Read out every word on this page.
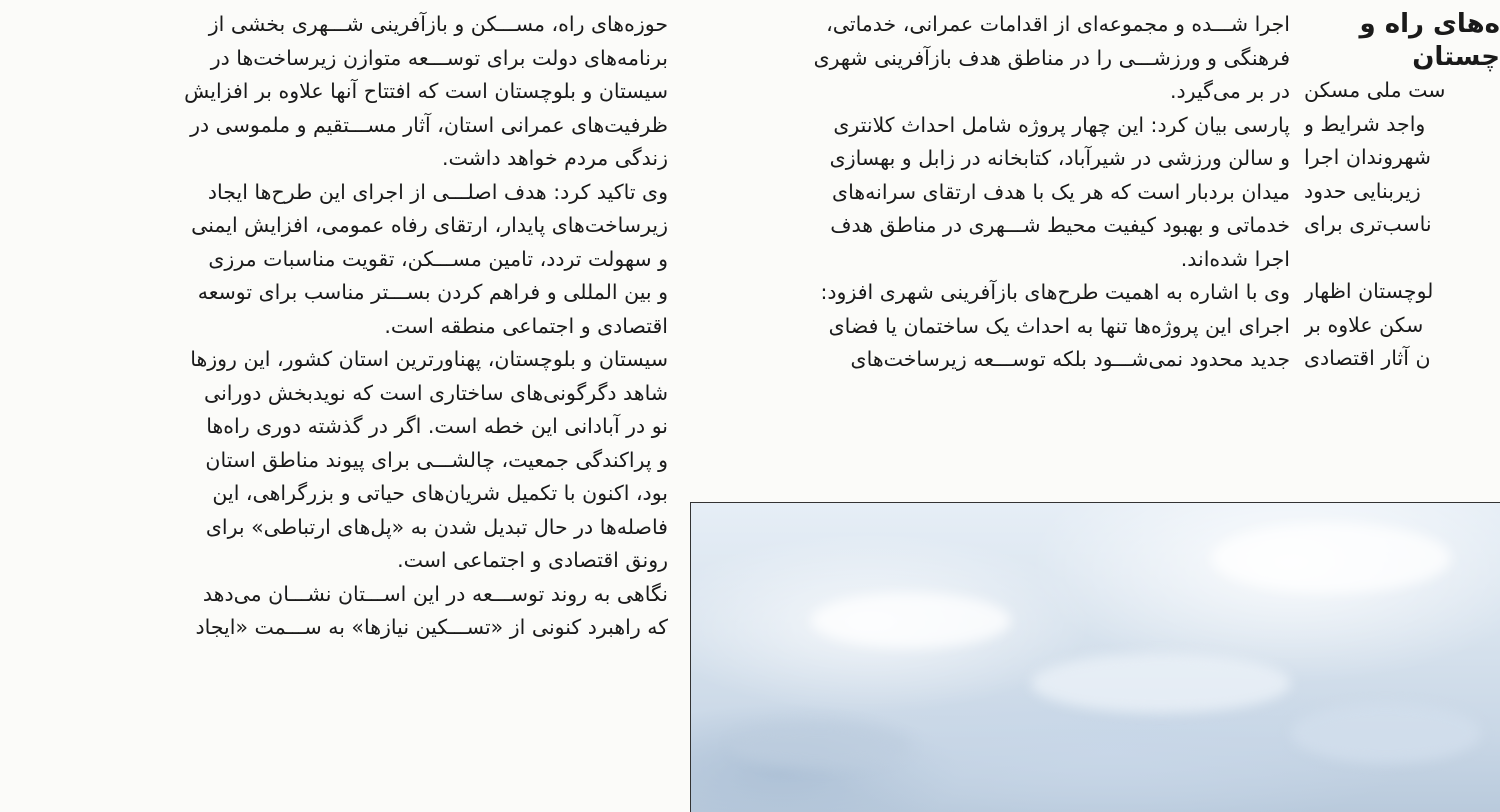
حوزه‌های راه، مســـکن و بازآفرینی شـــهری بخشی از
برنامه‌های دولت برای توســـعه متوازن زیرساخت‌ها در
سیستان و بلوچستان است که افتتاح آنها علاوه بر افزایش
ظرفیت‌های عمرانی استان، آثار مســـتقیم و ملموسی در
زندگی مردم خواهد داشت.
وی تاکید کرد: هدف اصلـــی از اجرای این طرح‌ها ایجاد
زیرساخت‌های پایدار، ارتقای رفاه عمومی، افزایش ایمنی
و سهولت تردد، تامین مســـکن، تقویت مناسبات مرزی
و بین المللی و فراهم کردن بســـتر مناسب برای توسعه
اقتصادی و اجتماعی منطقه است.
سیستان و بلوچستان، پهناورترین استان کشور، این روزها
شاهد دگرگونی‌های ساختاری است که نویدبخش دورانی
نو در آبادانی این خطه است. اگر در گذشته دوری راه‌ها
و پراکندگی جمعیت، چالشـــی برای پیوند مناطق استان
بود، اکنون با تکمیل شریان‌های حیاتی و بزرگراهی، این
فاصله‌ها در حال تبدیل شدن به «پل‌های ارتباطی» برای
رونق اقتصادی و اجتماعی است.
نگاهی به روند توســـعه در این اســـتان نشـــان می‌دهد
که راهبرد کنونی از «تســـکین نیازها» به ســـمت «ایجاد
اجرا شـــده و مجموعه‌ای از اقدامات عمرانی، خدماتی،
فرهنگی و ورزشـــی را در مناطق هدف بازآفرینی شهری
در بر می‌گیرد.
پارسی بیان کرد: این چهار پروژه شامل احداث کلانتری
و سالن ورزشی در شیرآباد، کتابخانه در زابل و بهسازی
میدان بردبار است که هر یک با هدف ارتقای سرانه‌های
خدماتی و بهبود کیفیت محیط شـــهری در مناطق هدف
اجرا شده‌اند.
وی با اشاره به اهمیت طرح‌های بازآفرینی شهری افزود:
اجرای این پروژه‌ها تنها به احداث یک ساختمان یا فضای
جدید محدود نمی‌شـــود بلکه توســـعه زیرساخت‌های
ه‌های راه و
چستان
ست ملی مسکن
واجد شرایط و
شهروندان اجرا
زیربنایی حدود
ناسب‌تری برای
لوچستان اظهار
سکن علاوه بر
ن آثار اقتصادی
